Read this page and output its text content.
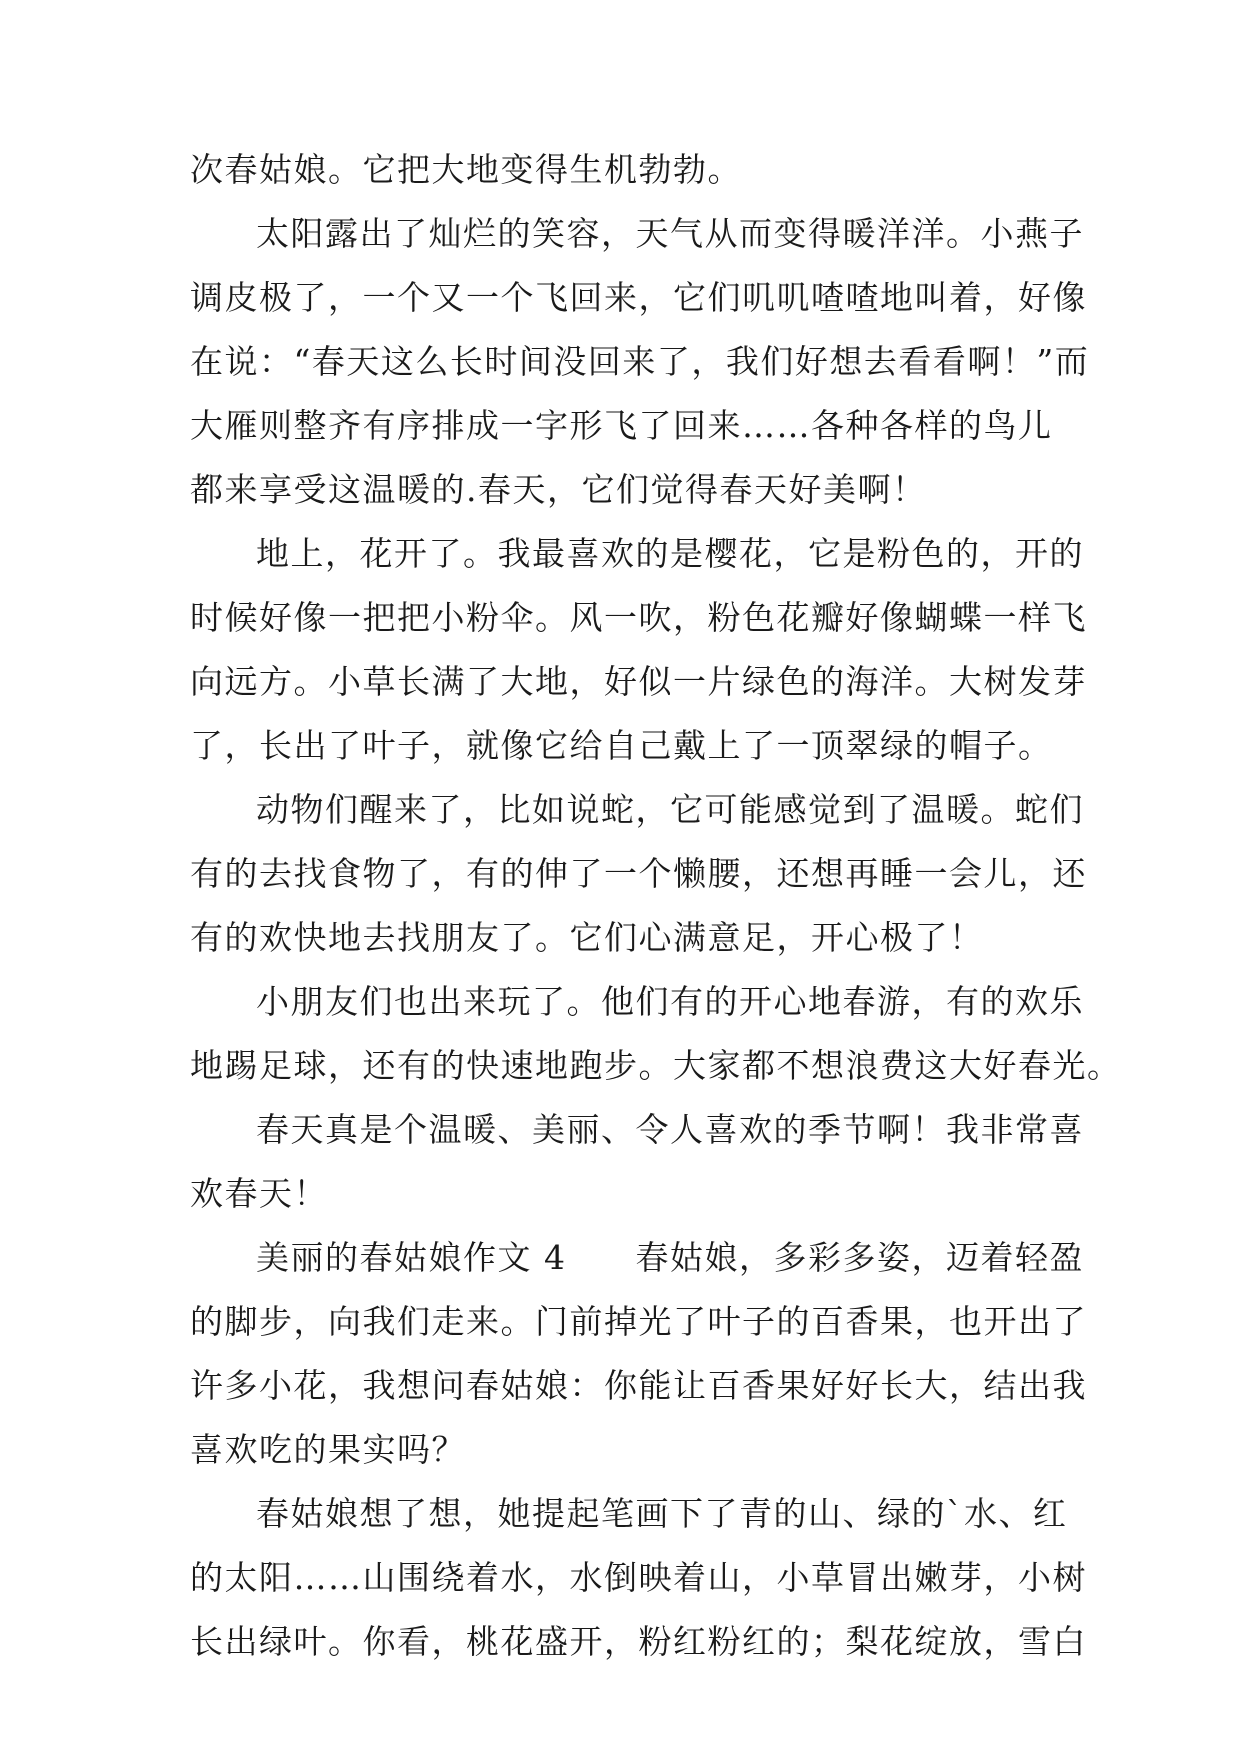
次春姑娘。它把大地变得生机勃勃。
太阳露出了灿烂的笑容，天气从而变得暖洋洋。小燕子
调皮极了，一个又一个飞回来，它们叽叽喳喳地叫着，好像
在说：“春天这么长时间没回来了，我们好想去看看啊！”而
大雁则整齐有序排成一字形飞了回来……各种各样的鸟儿
都来享受这温暖的.春天，它们觉得春天好美啊！
地上，花开了。我最喜欢的是樱花，它是粉色的，开的
时候好像一把把小粉伞。风一吹，粉色花瓣好像蝴蝶一样飞
向远方。小草长满了大地，好似一片绿色的海洋。大树发芽
了，长出了叶子，就像它给自己戴上了一顶翠绿的帽子。
动物们醒来了，比如说蛇，它可能感觉到了温暖。蛇们
有的去找食物了，有的伸了一个懒腰，还想再睡一会儿，还
有的欢快地去找朋友了。它们心满意足，开心极了！
小朋友们也出来玩了。他们有的开心地春游，有的欢乐
地踢足球，还有的快速地跑步。大家都不想浪费这大好春光。
春天真是个温暖、美丽、令人喜欢的季节啊！我非常喜
欢春天！
美丽的春姑娘作文 4　　春姑娘，多彩多姿，迈着轻盈
的脚步，向我们走来。门前掉光了叶子的百香果，也开出了
许多小花，我想问春姑娘：你能让百香果好好长大，结出我
喜欢吃的果实吗？
春姑娘想了想，她提起笔画下了青的山、绿的`水、红
的太阳……山围绕着水，水倒映着山，小草冒出嫩芽，小树
长出绿叶。你看，桃花盛开，粉红粉红的；梨花绽放，雪白
